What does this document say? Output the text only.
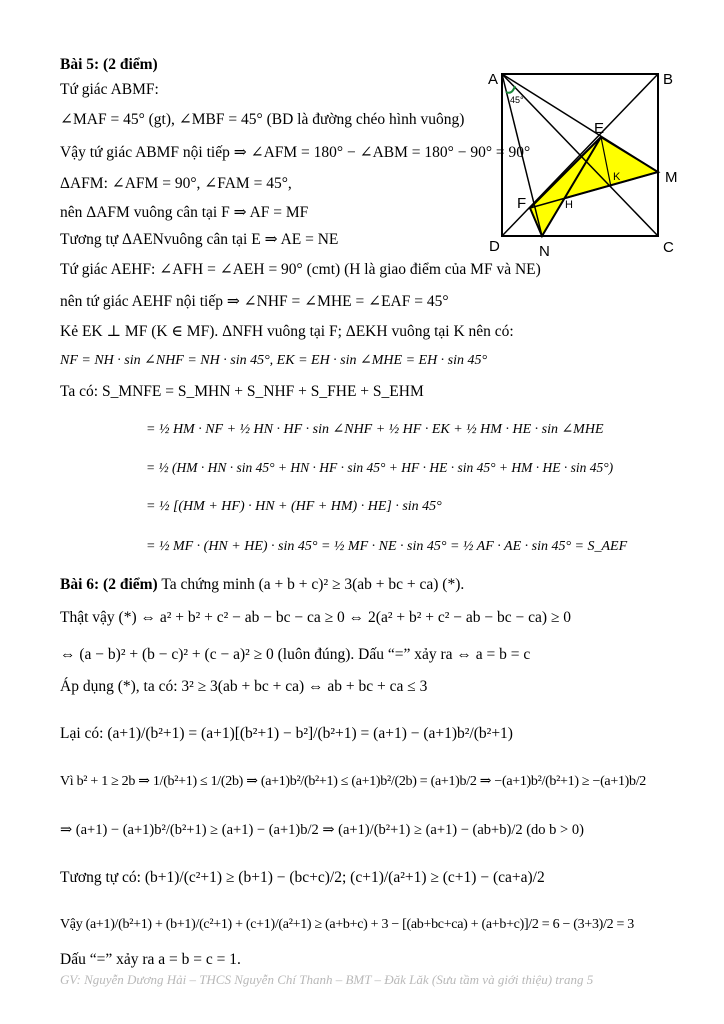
Bài 5: (2 điểm)
Tứ giác ABMF:
∠MAF = 45° (gt), ∠MBF = 45° (BD là đường chéo hình vuông)
Vậy tứ giác ABMF nội tiếp ⇒ ∠AFM = 180° − ∠ABM = 180° − 90° = 90°
ΔAFM: ∠AFM = 90°, ∠FAM = 45°,
nên ΔAFM vuông cân tại F ⇒ AF = MF
Tương tự ΔAENvuông cân tại E ⇒ AE = NE
Tứ giác AEHF: ∠AFH = ∠AEH = 90° (cmt) (H là giao điểm của MF và NE)
nên tứ giác AEHF nội tiếp ⇒ ∠NHF = ∠MHE = ∠EAF = 45°
Kẻ EK ⊥ MF (K ∈ MF). ΔNFH vuông tại F; ΔEKH vuông tại K nên có:
NF = NH · sin ∠NHF = NH · sin 45°, EK = EH · sin ∠MHE = EH · sin 45°
Ta có: S_MNFE = S_MHN + S_NHF + S_FHE + S_EHM
= ½ HM · NF + ½ HN · HF · sin ∠NHF + ½ HF · EK + ½ HM · HE · sin ∠MHE
= ½ (HM · HN · sin 45° + HN · HF · sin 45° + HF · HE · sin 45° + HM · HE · sin 45°)
= ½ [(HM + HF) · HN + (HF + HM) · HE] · sin 45°
= ½ MF · (HN + HE) · sin 45° = ½ MF · NE · sin 45° = ½ AF · AE · sin 45° = S_AEF
Bài 6: (2 điểm) Ta chứng minh (a + b + c)² ≥ 3(ab + bc + ca) (*).
Thật vậy (*) ⇔ a² + b² + c² − ab − bc − ca ≥ 0 ⇔ 2(a² + b² + c² − ab − bc − ca) ≥ 0
⇔ (a − b)² + (b − c)² + (c − a)² ≥ 0 (luôn đúng). Dấu “=” xảy ra ⇔ a = b = c
Áp dụng (*), ta có: 3² ≥ 3(ab + bc + ca) ⇔ ab + bc + ca ≤ 3
Lại có: (a+1)/(b²+1) = (a+1)[(b²+1) − b²]/(b²+1) = (a+1) − (a+1)b²/(b²+1)
Vì b² + 1 ≥ 2b ⇒ 1/(b²+1) ≤ 1/(2b) ⇒ (a+1)b²/(b²+1) ≤ (a+1)b²/(2b) = (a+1)b/2 ⇒ −(a+1)b²/(b²+1) ≥ −(a+1)b/2
⇒ (a+1) − (a+1)b²/(b²+1) ≥ (a+1) − (a+1)b/2 ⇒ (a+1)/(b²+1) ≥ (a+1) − (ab+b)/2 (do b > 0)
Tương tự có: (b+1)/(c²+1) ≥ (b+1) − (bc+c)/2; (c+1)/(a²+1) ≥ (c+1) − (ca+a)/2
Vậy (a+1)/(b²+1) + (b+1)/(c²+1) + (c+1)/(a²+1) ≥ (a+b+c) + 3 − [(ab+bc+ca) + (a+b+c)]/2 = 6 − (3+3)/2 = 3
Dấu “=” xảy ra a = b = c = 1.
GV: Nguyễn Dương Hải – THCS Nguyễn Chí Thanh – BMT – Đăk Lăk (Sưu tầm và giới thiệu) trang 5
45°
A	B
C
D
M
N
E
F
K
H
